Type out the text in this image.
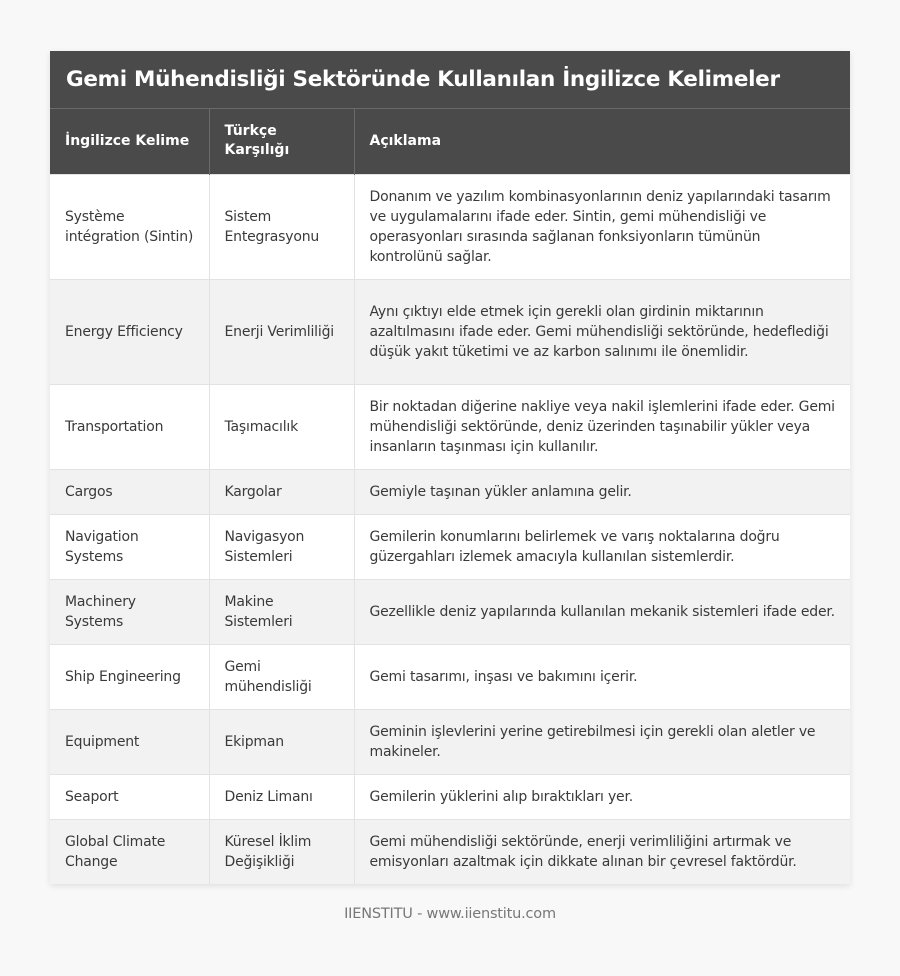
Gemi Mühendisliği Sektöründe Kullanılan İngilizce Kelimeler
İngilizce Kelime	Türkçe Karşılığı	Açıklama
Système intégration (Sintin)	Sistem Entegrasyonu	Donanım ve yazılım kombinasyonlarının deniz yapılarındaki tasarım ve uygulamalarını ifade eder. Sintin, gemi mühendisliği ve operasyonları sırasında sağlanan fonksiyonların tümünün kontrolünü sağlar.
Energy Efficiency	Enerji Verimliliği	Aynı çıktıyı elde etmek için gerekli olan girdinin miktarının azaltılmasını ifade eder. Gemi mühendisliği sektöründe, hedeflediği düşük yakıt tüketimi ve az karbon salınımı ile önemlidir.
Transportation	Taşımacılık	Bir noktadan diğerine nakliye veya nakil işlemlerini ifade eder. Gemi mühendisliği sektöründe, deniz üzerinden taşınabilir yükler veya insanların taşınması için kullanılır.
Cargos	Kargolar	Gemiyle taşınan yükler anlamına gelir.
Navigation Systems	Navigasyon Sistemleri	Gemilerin konumlarını belirlemek ve varış noktalarına doğru güzergahları izlemek amacıyla kullanılan sistemlerdir.
Machinery Systems	Makine Sistemleri	Gezellikle deniz yapılarında kullanılan mekanik sistemleri ifade eder.
Ship Engineering	Gemi mühendisliği	Gemi tasarımı, inşası ve bakımını içerir.
Equipment	Ekipman	Geminin işlevlerini yerine getirebilmesi için gerekli olan aletler ve makineler.
Seaport	Deniz Limanı	Gemilerin yüklerini alıp bıraktıkları yer.
Global Climate Change	Küresel İklim Değişikliği	Gemi mühendisliği sektöründe, enerji verimliliğini artırmak ve emisyonları azaltmak için dikkate alınan bir çevresel faktördür.
IIENSTITU - www.iienstitu.com
